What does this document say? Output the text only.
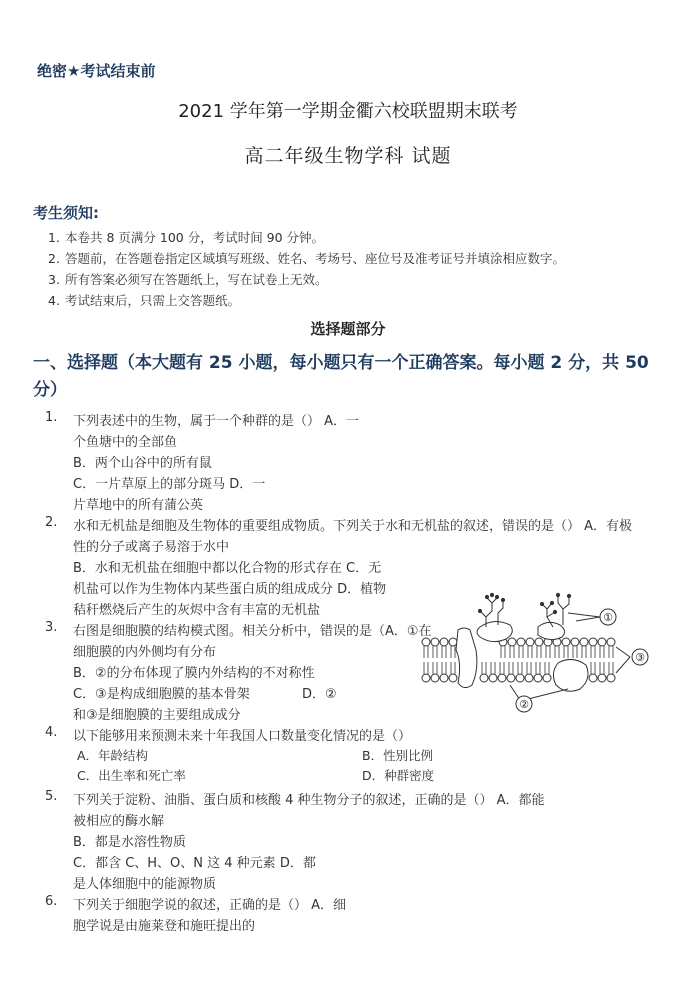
绝密★考试结束前
2021 学年第一学期金衢六校联盟期末联考
高二年级生物学科 试题
考生须知:
1. 本卷共 8 页满分 100 分，考试时间 90 分钟。
2. 答题前，在答题卷指定区域填写班级、姓名、考场号、座位号及准考证号并填涂相应数字。
3. 所有答案必须写在答题纸上，写在试卷上无效。
4. 考试结束后，只需上交答题纸。
选择题部分
一、选择题（本大题有 25 小题，每小题只有一个正确答案。每小题 2 分，共 50 分）
1. 下列表述中的生物，属于一个种群的是（） A．一
个鱼塘中的全部鱼
B．两个山谷中的所有鼠
C．一片草原上的部分斑马 D．一
片草地中的所有蒲公英
2. 水和无机盐是细胞及生物体的重要组成物质。下列关于水和无机盐的叙述，错误的是（） A．有极
性的分子或离子易溶于水中
B．水和无机盐在细胞中都以化合物的形式存在 C．无
机盐可以作为生物体内某些蛋白质的组成成分 D．植物
秸秆燃烧后产生的灰烬中含有丰富的无机盐
3. 右图是细胞膜的结构模式图。相关分析中，错误的是（A．①在
细胞膜的内外侧均有分布
B．②的分布体现了膜内外结构的不对称性
C．③是构成细胞膜的基本骨架	D．②
和③是细胞膜的主要组成成分
①
③
②
4. 以下能够用来预测未来十年我国人口数量变化情况的是（）
A．年龄结构	B．性别比例
C．出生率和死亡率	D．种群密度
5. 下列关于淀粉、油脂、蛋白质和核酸 4 种生物分子的叙述，正确的是（） A．都能
被相应的酶水解
B．都是水溶性物质
C．都含 C、H、O、N 这 4 种元素 D．都
是人体细胞中的能源物质
6. 下列关于细胞学说的叙述，正确的是（） A．细
胞学说是由施莱登和施旺提出的
